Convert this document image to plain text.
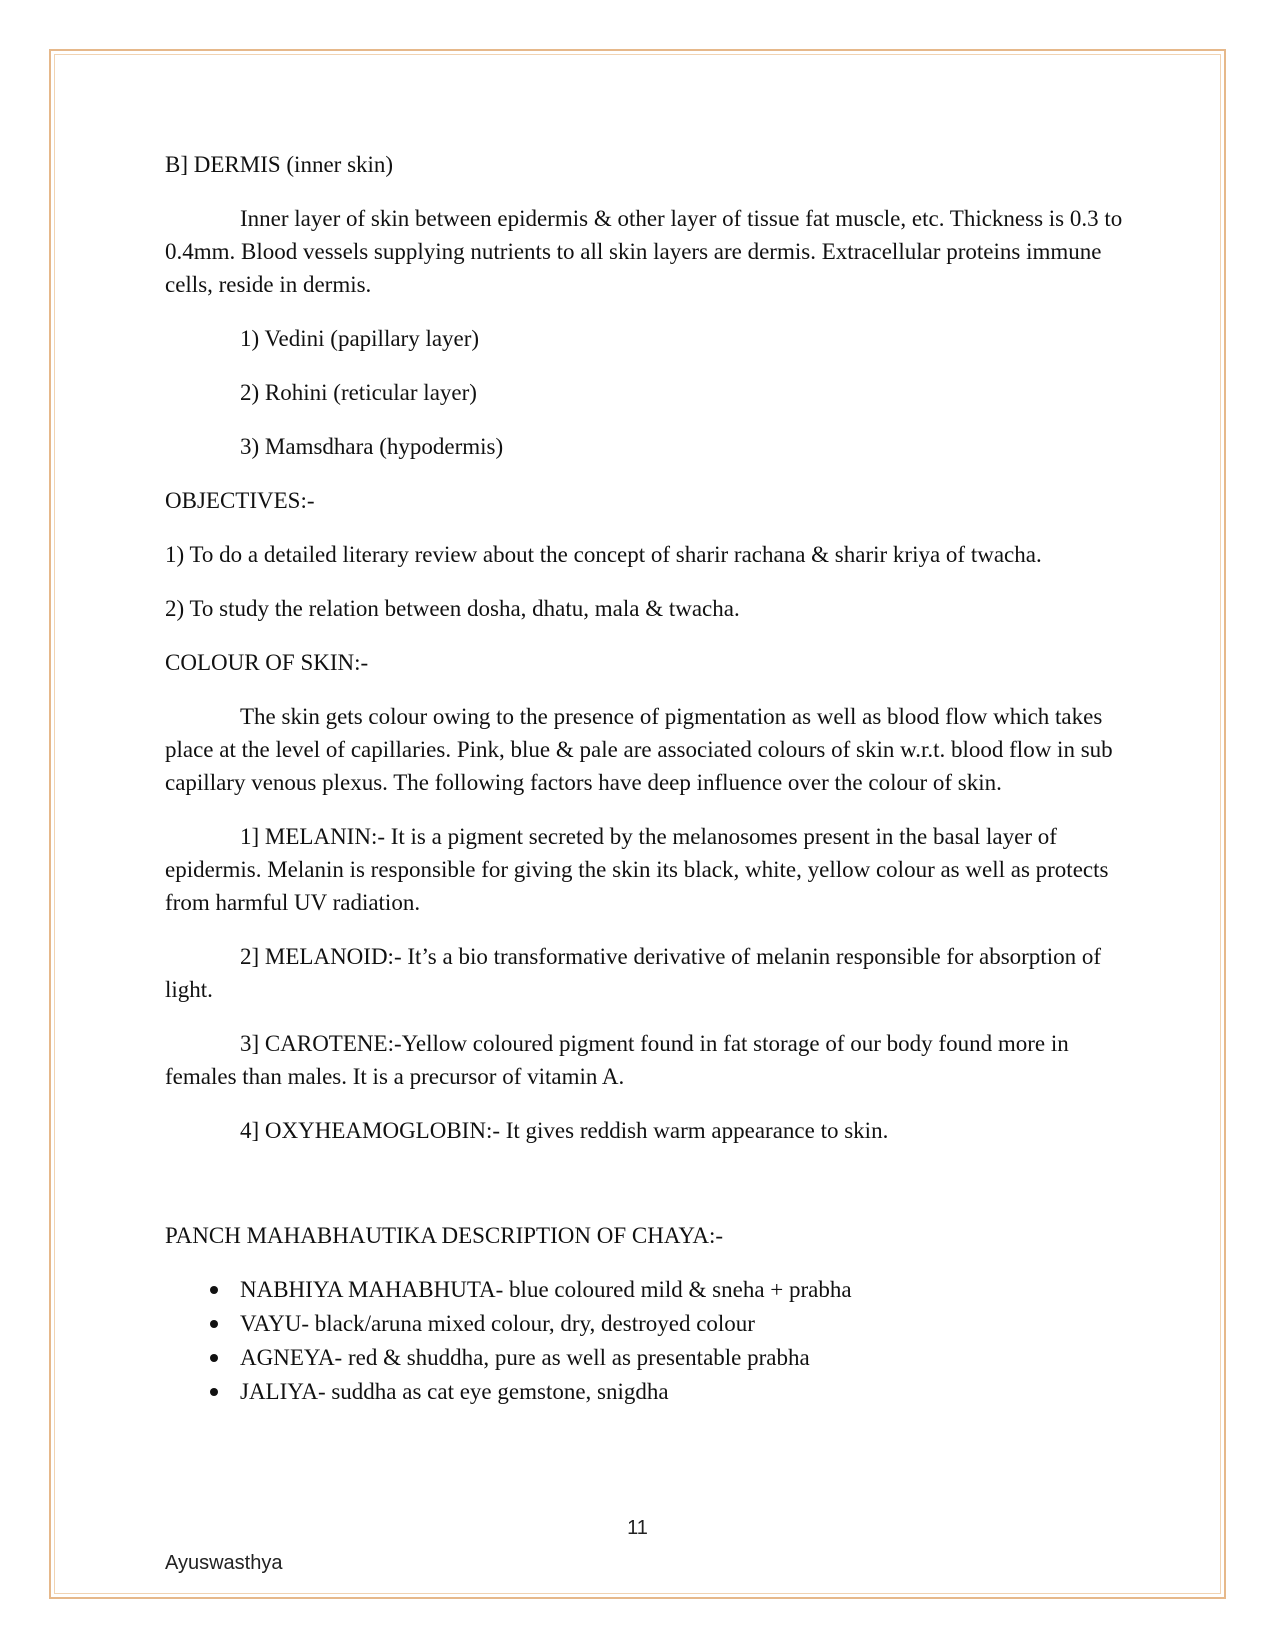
B] DERMIS (inner skin)

Inner layer of skin between epidermis & other layer of tissue fat muscle, etc. Thickness is 0.3 to 0.4mm. Blood vessels supplying nutrients to all skin layers are dermis. Extracellular proteins immune cells, reside in dermis.

1) Vedini (papillary layer)

2) Rohini (reticular layer)

3) Mamsdhara (hypodermis)

OBJECTIVES:-

1) To do a detailed literary review about the concept of sharir rachana & sharir kriya of twacha.

2) To study the relation between dosha, dhatu, mala & twacha.

COLOUR OF SKIN:-

The skin gets colour owing to the presence of pigmentation as well as blood flow which takes place at the level of capillaries. Pink, blue & pale are associated colours of skin w.r.t. blood flow in sub capillary venous plexus. The following factors have deep influence over the colour of skin.

1] MELANIN:- It is a pigment secreted by the melanosomes present in the basal layer of epidermis. Melanin is responsible for giving the skin its black, white, yellow colour as well as protects from harmful UV radiation.

2] MELANOID:- It’s a bio transformative derivative of melanin responsible for absorption of light.

3] CAROTENE:-Yellow coloured pigment found in fat storage of our body found more in females than males. It is a precursor of vitamin A.

4] OXYHEAMOGLOBIN:- It gives reddish warm appearance to skin.

PANCH MAHABHAUTIKA DESCRIPTION OF CHAYA:-

NABHIYA MAHABHUTA- blue coloured mild & sneha + prabha
VAYU- black/aruna mixed colour, dry, destroyed colour
AGNEYA- red & shuddha, pure as well as presentable prabha
JALIYA- suddha as cat eye gemstone, snigdha
11
Ayuswasthya
